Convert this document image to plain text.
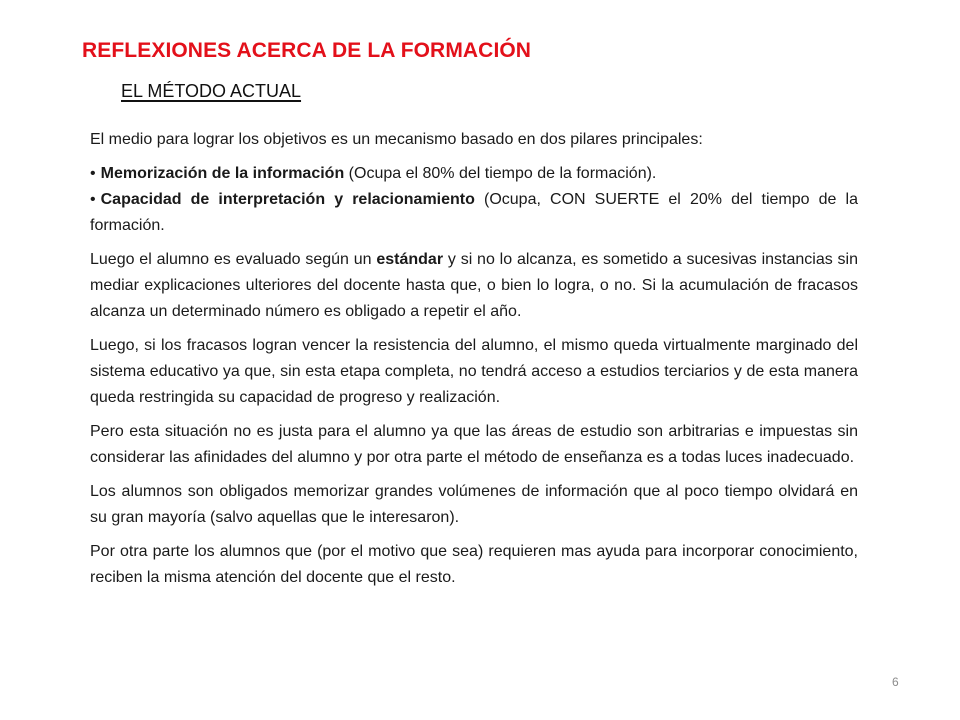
REFLEXIONES ACERCA DE LA FORMACIÓN
EL MÉTODO ACTUAL

El medio para lograr los objetivos es un mecanismo basado en dos pilares principales:

• Memorización de la información (Ocupa el 80% del tiempo de la formación).
• Capacidad de interpretación y relacionamiento (Ocupa, CON SUERTE el 20% del tiempo de la formación.

Luego el alumno es evaluado según un estándar y si no lo alcanza, es sometido a sucesivas instancias sin mediar explicaciones ulteriores del docente hasta que, o bien lo logra, o no. Si la acumulación de fracasos alcanza un determinado número es obligado a repetir el año.

Luego, si los fracasos logran vencer la resistencia del alumno, el mismo queda virtualmente marginado del sistema educativo ya que, sin esta etapa completa, no tendrá acceso a estudios terciarios y de esta manera queda restringida su capacidad de progreso y realización.

Pero esta situación no es justa para el alumno ya que las áreas de estudio son arbitrarias e impuestas sin considerar las afinidades del alumno y por otra parte el método de enseñanza es a todas luces inadecuado.

Los alumnos son obligados memorizar grandes volúmenes de información que al poco tiempo olvidará en su gran mayoría (salvo aquellas que le interesaron).

Por otra parte los alumnos que (por el motivo que sea) requieren mas ayuda para incorporar conocimiento, reciben la misma atención del docente que el resto.

6
